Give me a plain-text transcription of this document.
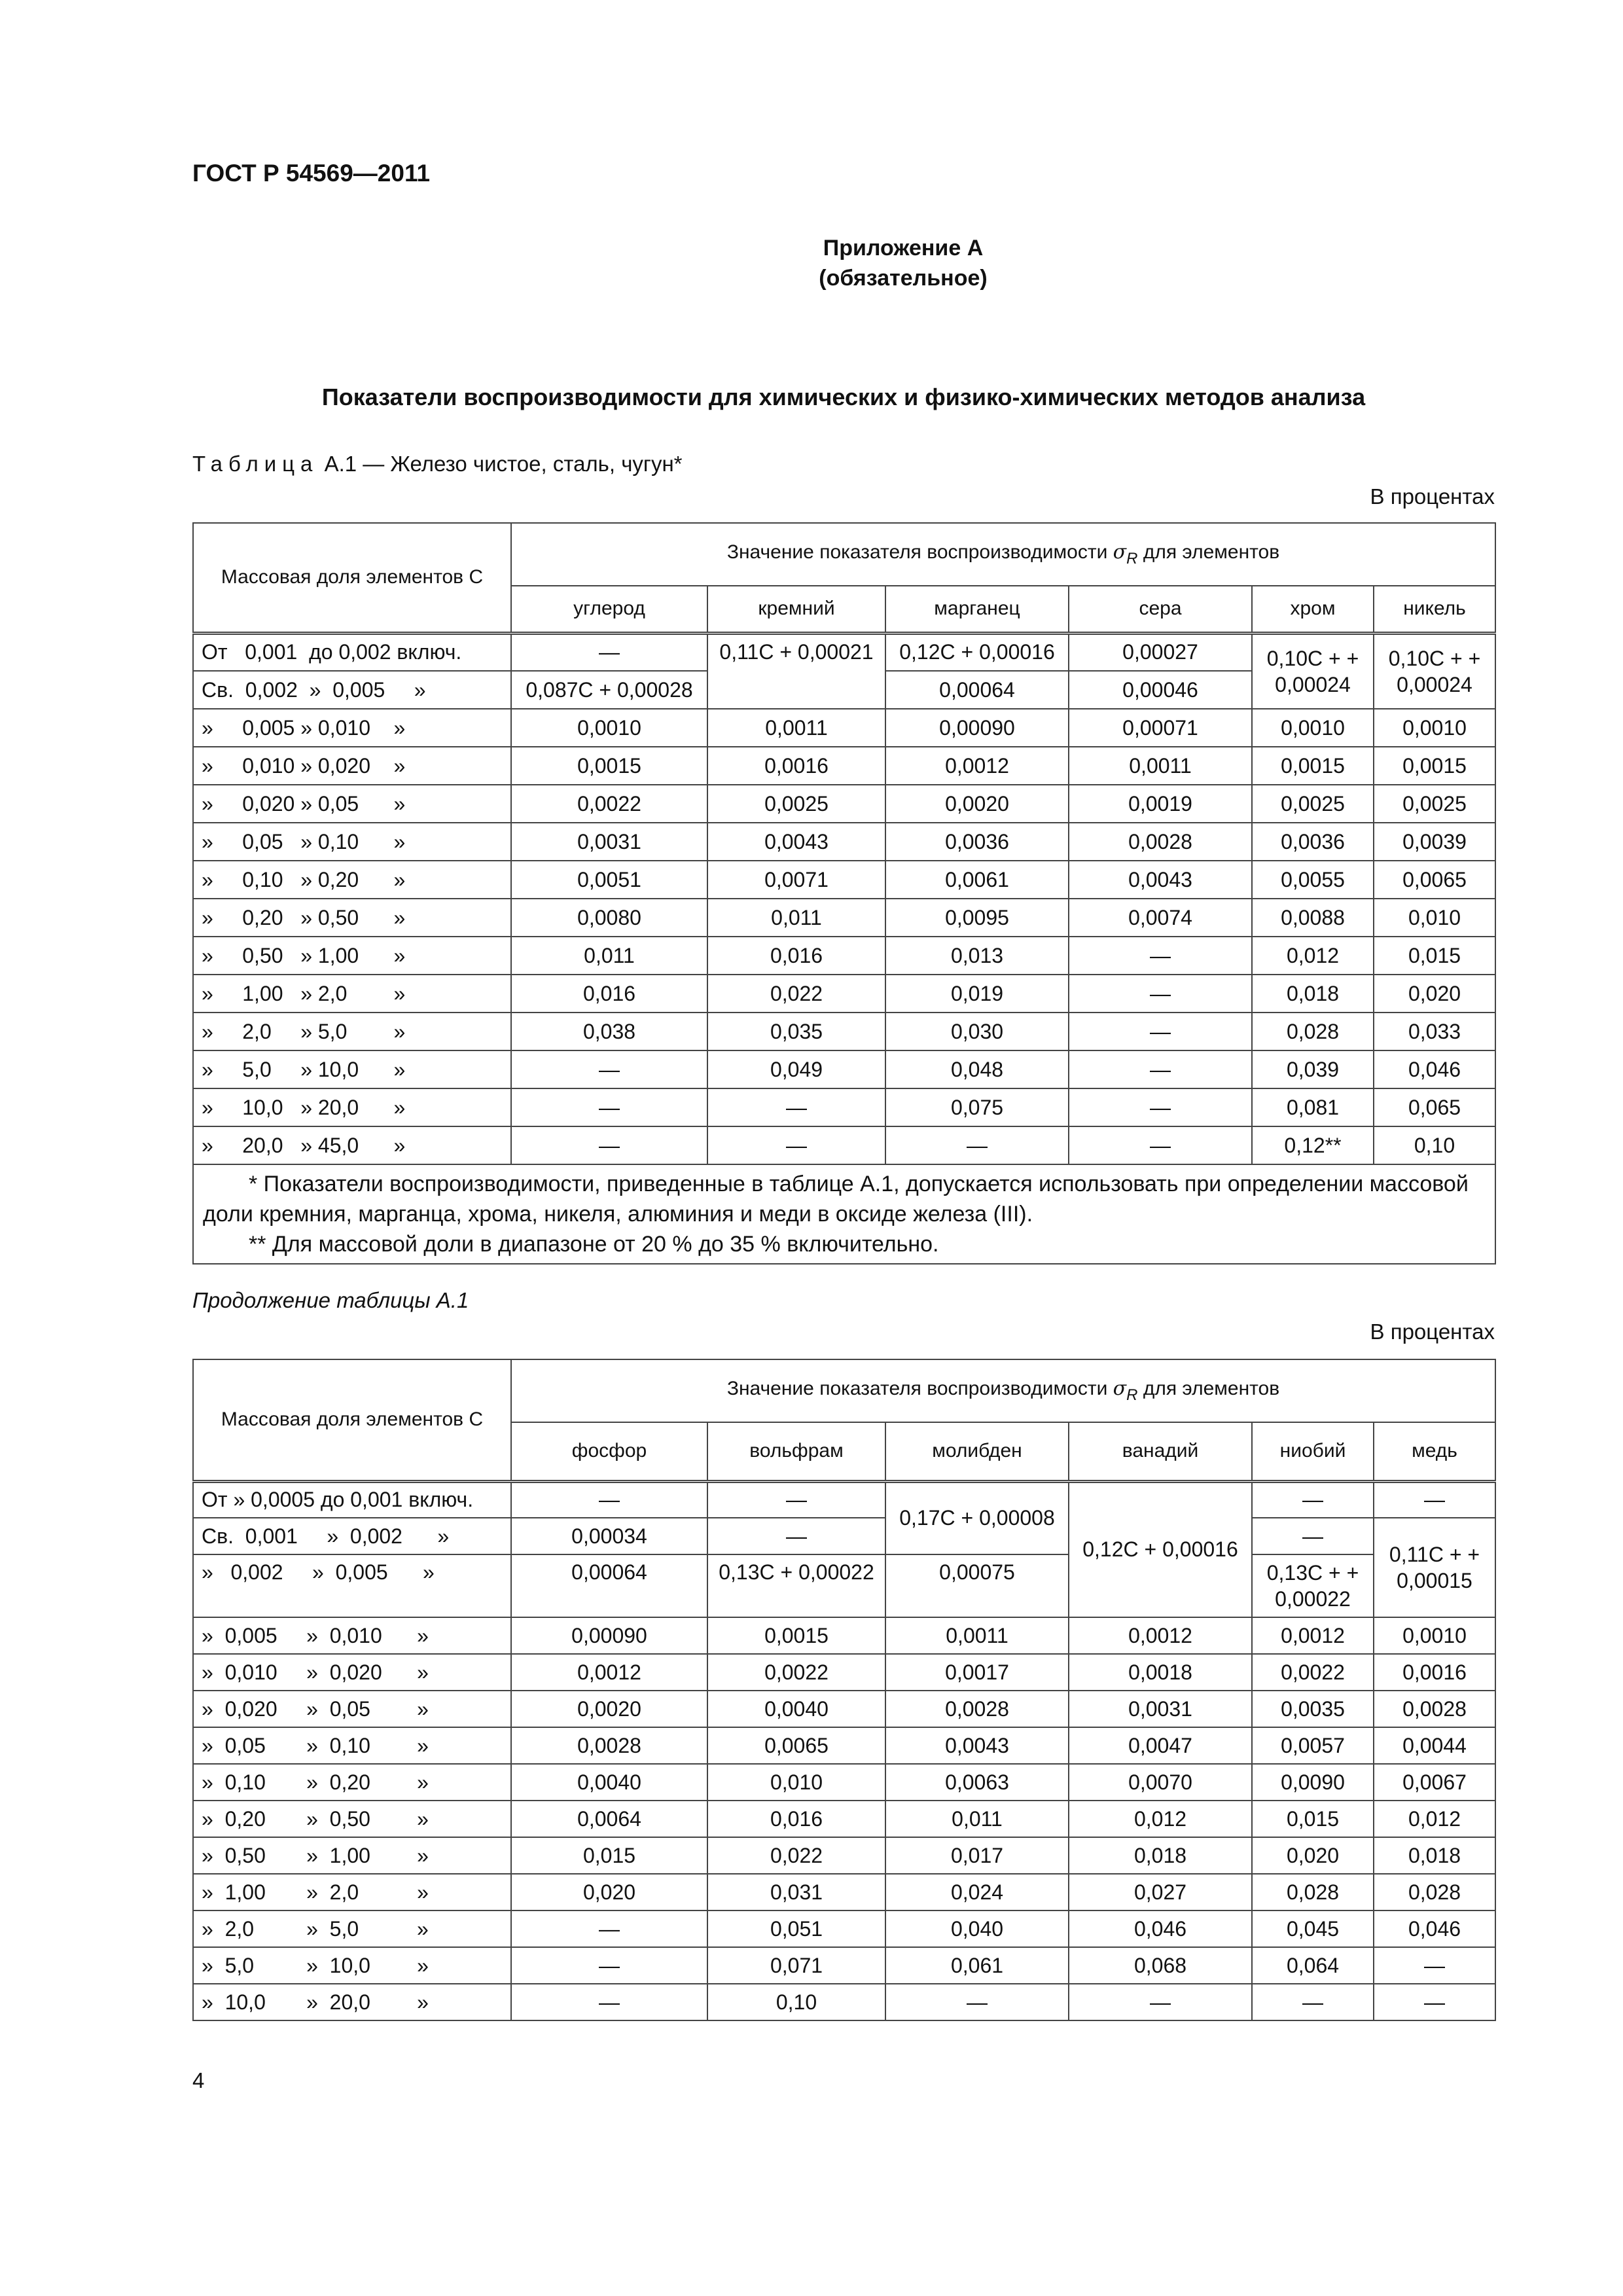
ГОСТ Р 54569—2011
Приложение А
(обязательное)
Показатели воспроизводимости для химических и физико-химических методов анализа
Таблица А.1 — Железо чистое, сталь, чугун*
В процентах
Массовая доля элементов C	Значение показателя воспроизводимости $\sigma_R$ для элементов					
	углерод	кремний	марганец	сера	хром	никель
От   0,001  до 0,002 включ.	—	0,11C + 0,00021	0,12C + 0,00016	0,00027	0,10C + + 0,00024	0,10C + + 0,00024
Св.  0,002  »  0,005     »	0,087C + 0,00028		0,00064	0,00046		
»     0,005 » 0,010    »	0,0010	0,0011	0,00090	0,00071	0,0010	0,0010
»     0,010 » 0,020    »	0,0015	0,0016	0,0012	0,0011	0,0015	0,0015
»     0,020 » 0,05      »	0,0022	0,0025	0,0020	0,0019	0,0025	0,0025
»     0,05   » 0,10      »	0,0031	0,0043	0,0036	0,0028	0,0036	0,0039
»     0,10   » 0,20      »	0,0051	0,0071	0,0061	0,0043	0,0055	0,0065
»     0,20   » 0,50      »	0,0080	0,011	0,0095	0,0074	0,0088	0,010
»     0,50   » 1,00      »	0,011	0,016	0,013	—	0,012	0,015
»     1,00   » 2,0        »	0,016	0,022	0,019	—	0,018	0,020
»     2,0     » 5,0        »	0,038	0,035	0,030	—	0,028	0,033
»     5,0     » 10,0      »	—	0,049	0,048	—	0,039	0,046
»     10,0   » 20,0      »	—	—	0,075	—	0,081	0,065
»     20,0   » 45,0      »	—	—	—	—	0,12**	0,10

* Показатели воспроизводимости, приведенные в таблице А.1, допускается использовать при определении массовой доли кремния, марганца, хрома, никеля, алюминия и меди в оксиде железа (III).
** Для массовой доли в диапазоне от 20 % до 35 % включительно.						
Продолжение таблицы А.1
В процентах
Массовая доля элементов C	Значение показателя воспроизводимости $\sigma_R$ для элементов					
	фосфор	вольфрам	молибден	ванадий	ниобий	медь
От » 0,0005 до 0,001 включ.	—	—	0,17C + 0,00008	0,12C + 0,00016	—	—
Св.  0,001     »  0,002      »	0,00034	—			—	0,11C + + 0,00015
»   0,002     »  0,005      »	0,00064	0,13C + 0,00022	0,00075		0,13C + + 0,00022	
»  0,005     »  0,010      »	0,00090	0,0015	0,0011	0,0012	0,0012	0,0010
»  0,010     »  0,020      »	0,0012	0,0022	0,0017	0,0018	0,0022	0,0016
»  0,020     »  0,05        »	0,0020	0,0040	0,0028	0,0031	0,0035	0,0028
»  0,05       »  0,10        »	0,0028	0,0065	0,0043	0,0047	0,0057	0,0044
»  0,10       »  0,20        »	0,0040	0,010	0,0063	0,0070	0,0090	0,0067
»  0,20       »  0,50        »	0,0064	0,016	0,011	0,012	0,015	0,012
»  0,50       »  1,00        »	0,015	0,022	0,017	0,018	0,020	0,018
»  1,00       »  2,0          »	0,020	0,031	0,024	0,027	0,028	0,028
»  2,0         »  5,0          »	—	0,051	0,040	0,046	0,045	0,046
»  5,0         »  10,0        »	—	0,071	0,061	0,068	0,064	—
»  10,0       »  20,0        »	—	0,10	—	—	—	—
4
